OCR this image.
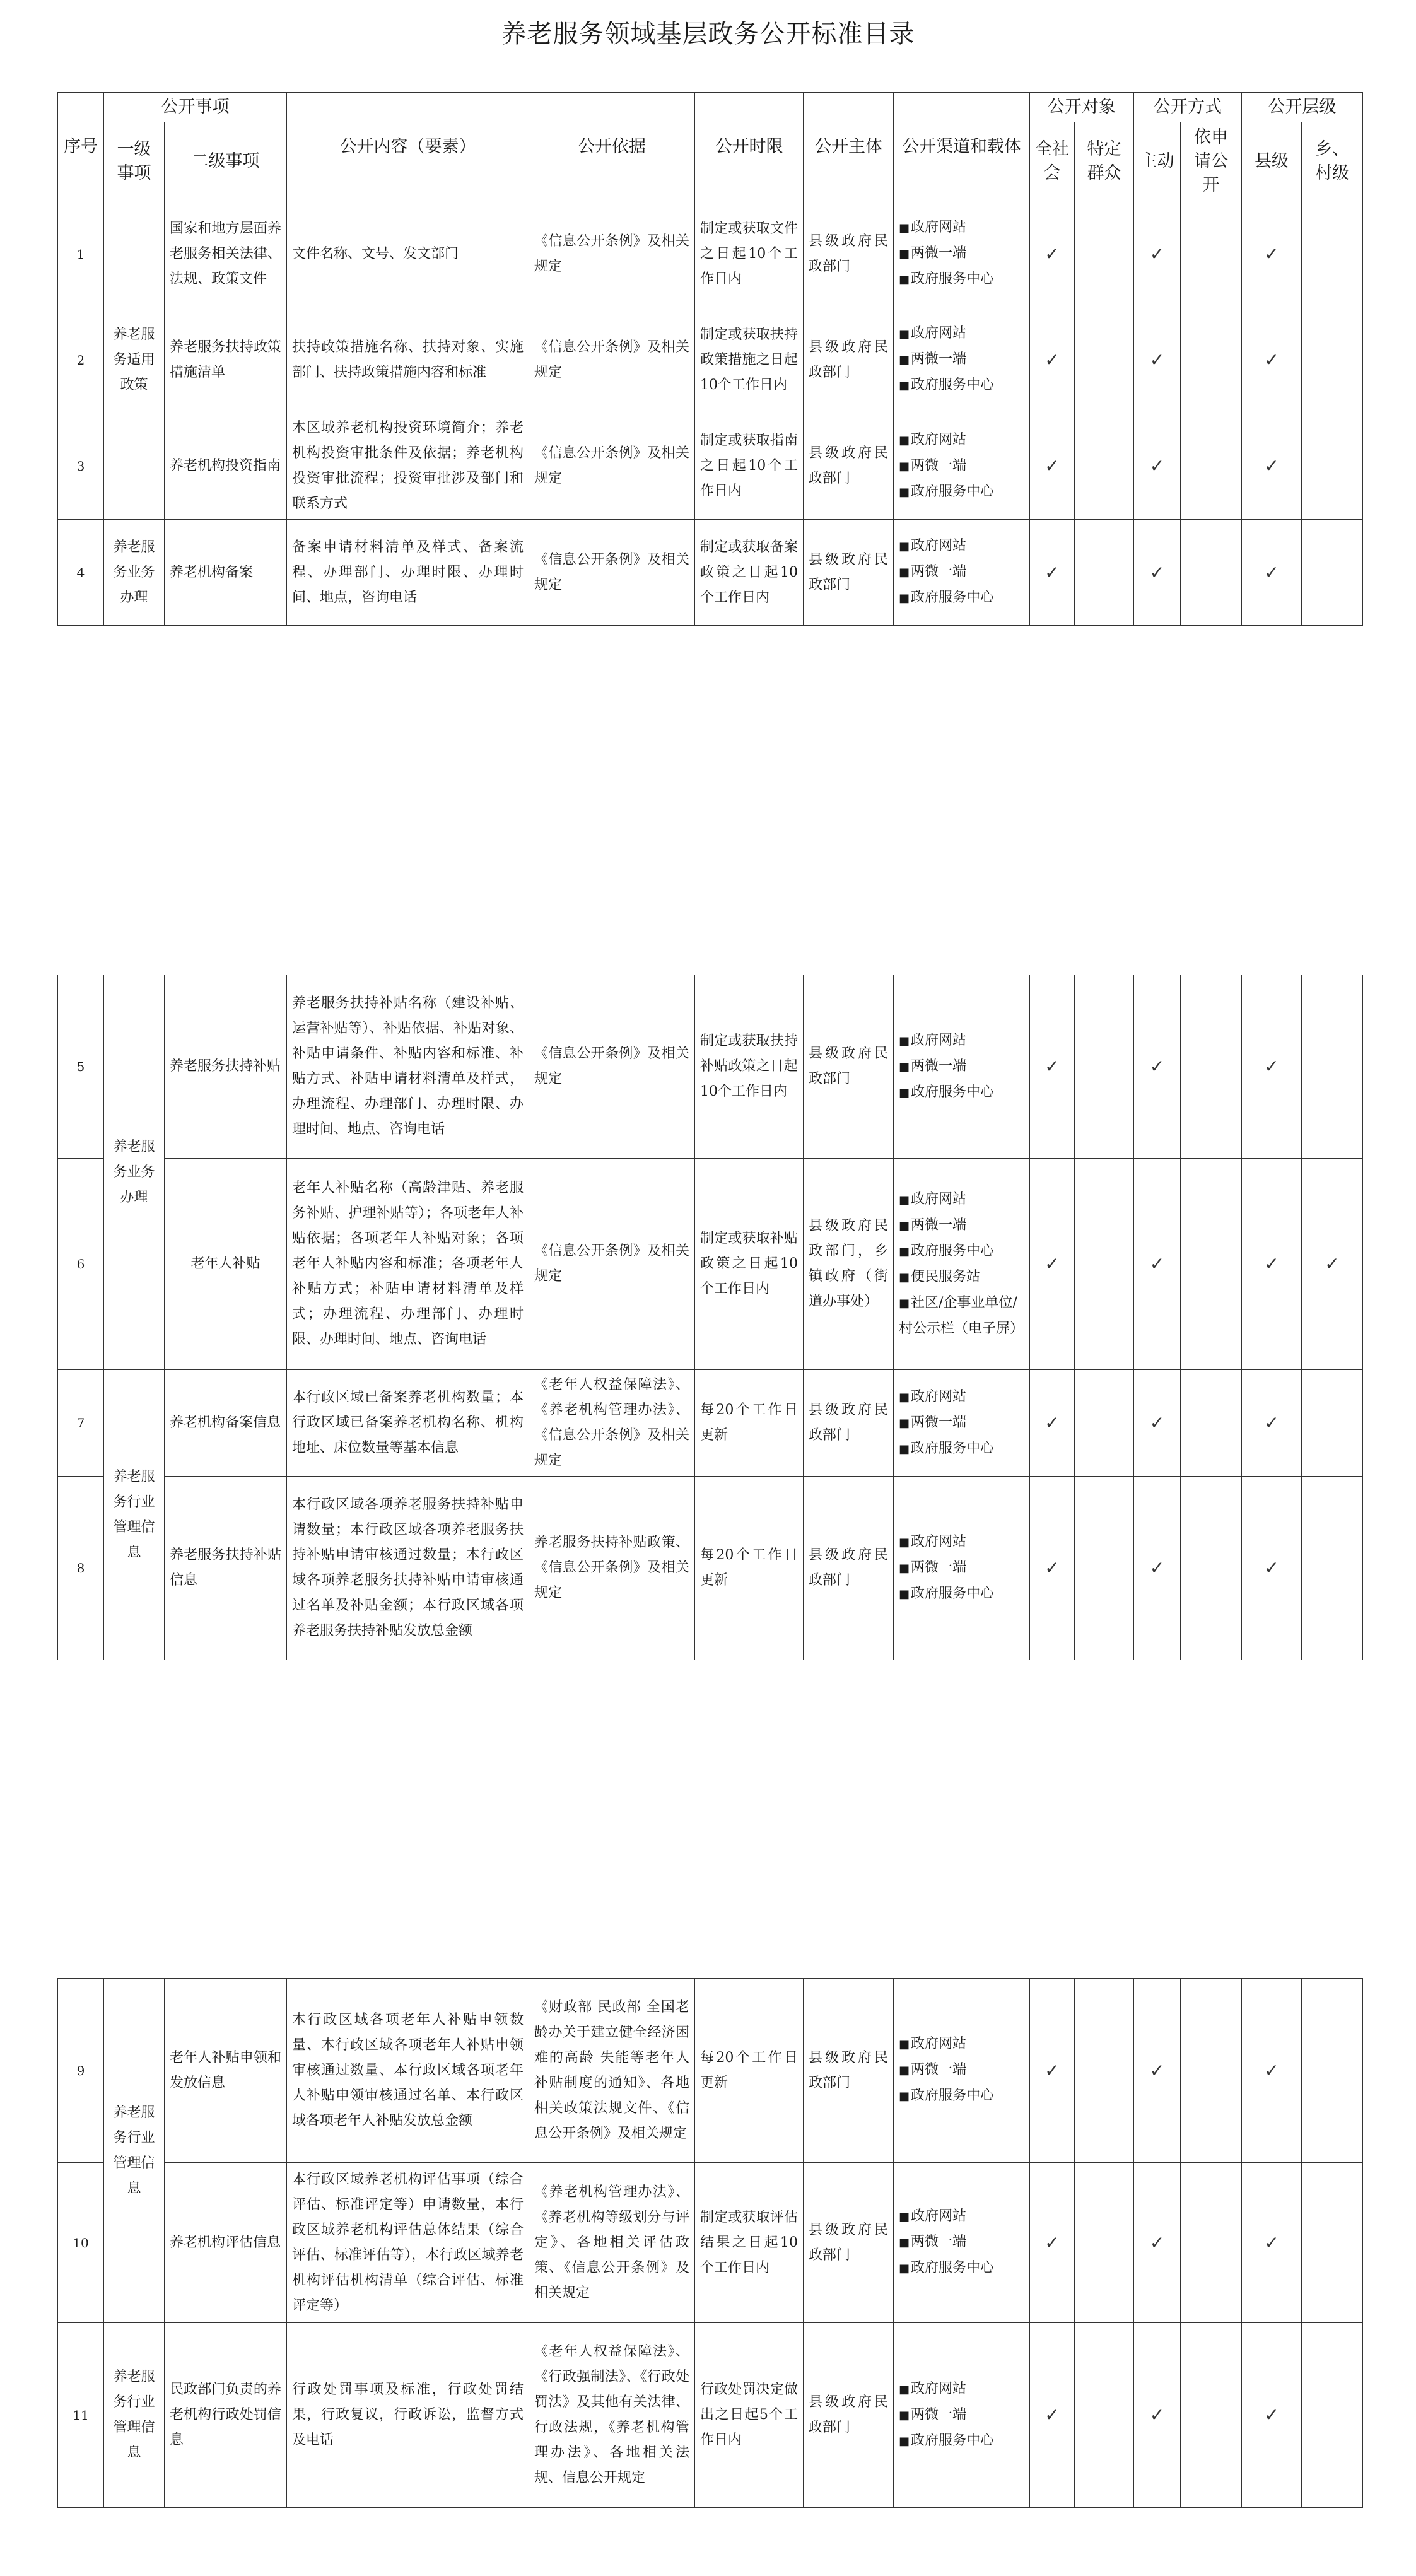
养老服务领域基层政务公开标准目录
序号	公开事项		公开内容（要素）	公开依据	公开时限	公开主体	公开渠道和载体	公开对象		公开方式		公开层级	
	一级事项	二级事项						全社会	特定群众	主动	依申请公开	县级	乡、村级
1	养老服务适用政策	国家和地方层面养老服务相关法律、法规、政策文件	文件名称、文号、发文部门	《信息公开条例》及相关规定	制定或获取文件之日起10个工作日内	县级政府民政部门	■ 政府网站
■ 两微一端
■ 政府服务中心	✓		✓		✓	
2		养老服务扶持政策措施清单	扶持政策措施名称、扶持对象、实施部门、扶持政策措施内容和标准	《信息公开条例》及相关规定	制定或获取扶持政策措施之日起10个工作日内	县级政府民政部门	■ 政府网站
■ 两微一端
■ 政府服务中心	✓		✓		✓	
3		养老机构投资指南	本区域养老机构投资环境简介；养老机构投资审批条件及依据；养老机构投资审批流程；投资审批涉及部门和联系方式	《信息公开条例》及相关规定	制定或获取指南之日起10个工作日内	县级政府民政部门	■ 政府网站
■ 两微一端
■ 政府服务中心	✓		✓		✓	
4	养老服务业务办理	养老机构备案	备案申请材料清单及样式、备案流程、办理部门、办理时限、办理时间、地点，咨询电话	《信息公开条例》及相关规定	制定或获取备案政策之日起10个工作日内	县级政府民政部门	■ 政府网站
■ 两微一端
■ 政府服务中心	✓		✓		✓	
5	养老服务业务办理	养老服务扶持补贴	养老服务扶持补贴名称（建设补贴、运营补贴等）、补贴依据、补贴对象、补贴申请条件、补贴内容和标准、补贴方式、补贴申请材料清单及样式，办理流程、办理部门、办理时限、办理时间、地点、咨询电话	《信息公开条例》及相关规定	制定或获取扶持补贴政策之日起10个工作日内	县级政府民政部门	■ 政府网站
■ 两微一端
■ 政府服务中心	✓		✓		✓	
6		老年人补贴	老年人补贴名称（高龄津贴、养老服务补贴、护理补贴等）；各项老年人补贴依据；各项老年人补贴对象；各项老年人补贴内容和标准；各项老年人补贴方式；补贴申请材料清单及样式；办理流程、办理部门、办理时限、办理时间、地点、咨询电话	《信息公开条例》及相关规定	制定或获取补贴政策之日起10个工作日内	县级政府民政部门，乡镇政府（街道办事处）	■ 政府网站
■ 两微一端
■ 政府服务中心
■ 便民服务站
■ 社区/企事业单位/村公示栏（电子屏）	✓		✓		✓	✓
7	养老服务行业管理信息	养老机构备案信息	本行政区域已备案养老机构数量；本行政区域已备案养老机构名称、机构地址、床位数量等基本信息	《老年人权益保障法》、《养老机构管理办法》、《信息公开条例》及相关规定	每20个工作日更新	县级政府民政部门	■ 政府网站
■ 两微一端
■ 政府服务中心	✓		✓		✓	
8		养老服务扶持补贴信息	本行政区域各项养老服务扶持补贴申请数量；本行政区域各项养老服务扶持补贴申请审核通过数量；本行政区域各项养老服务扶持补贴申请审核通过名单及补贴金额；本行政区域各项养老服务扶持补贴发放总金额	养老服务扶持补贴政策、《信息公开条例》及相关规定	每20个工作日更新	县级政府民政部门	■ 政府网站
■ 两微一端
■ 政府服务中心	✓		✓		✓	
9	养老服务行业管理信息	老年人补贴申领和发放信息	本行政区域各项老年人补贴申领数量、本行政区域各项老年人补贴申领审核通过数量、本行政区域各项老年人补贴申领审核通过名单、本行政区域各项老年人补贴发放总金额	《财政部 民政部 全国老龄办关于建立健全经济困难的高龄 失能等老年人补贴制度的通知》、各地相关政策法规文件、《信息公开条例》及相关规定	每20个工作日更新	县级政府民政部门	■ 政府网站
■ 两微一端
■ 政府服务中心	✓		✓		✓	
10		养老机构评估信息	本行政区域养老机构评估事项（综合评估、标准评定等）申请数量，本行政区域养老机构评估总体结果（综合评估、标准评估等），本行政区域养老机构评估机构清单（综合评估、标准评定等）	《养老机构管理办法》、《养老机构等级划分与评定》、各地相关评估政策、《信息公开条例》及相关规定	制定或获取评估结果之日起10个工作日内	县级政府民政部门	■ 政府网站
■ 两微一端
■ 政府服务中心	✓		✓		✓	
11	养老服务行业管理信息	民政部门负责的养老机构行政处罚信息	行政处罚事项及标准，行政处罚结果，行政复议，行政诉讼，监督方式及电话	《老年人权益保障法》、《行政强制法》、《行政处罚法》及其他有关法律、行政法规，《养老机构管理办法》、各地相关法规、信息公开规定	行政处罚决定做出之日起5个工作日内	县级政府民政部门	■ 政府网站
■ 两微一端
■ 政府服务中心	✓		✓		✓	
